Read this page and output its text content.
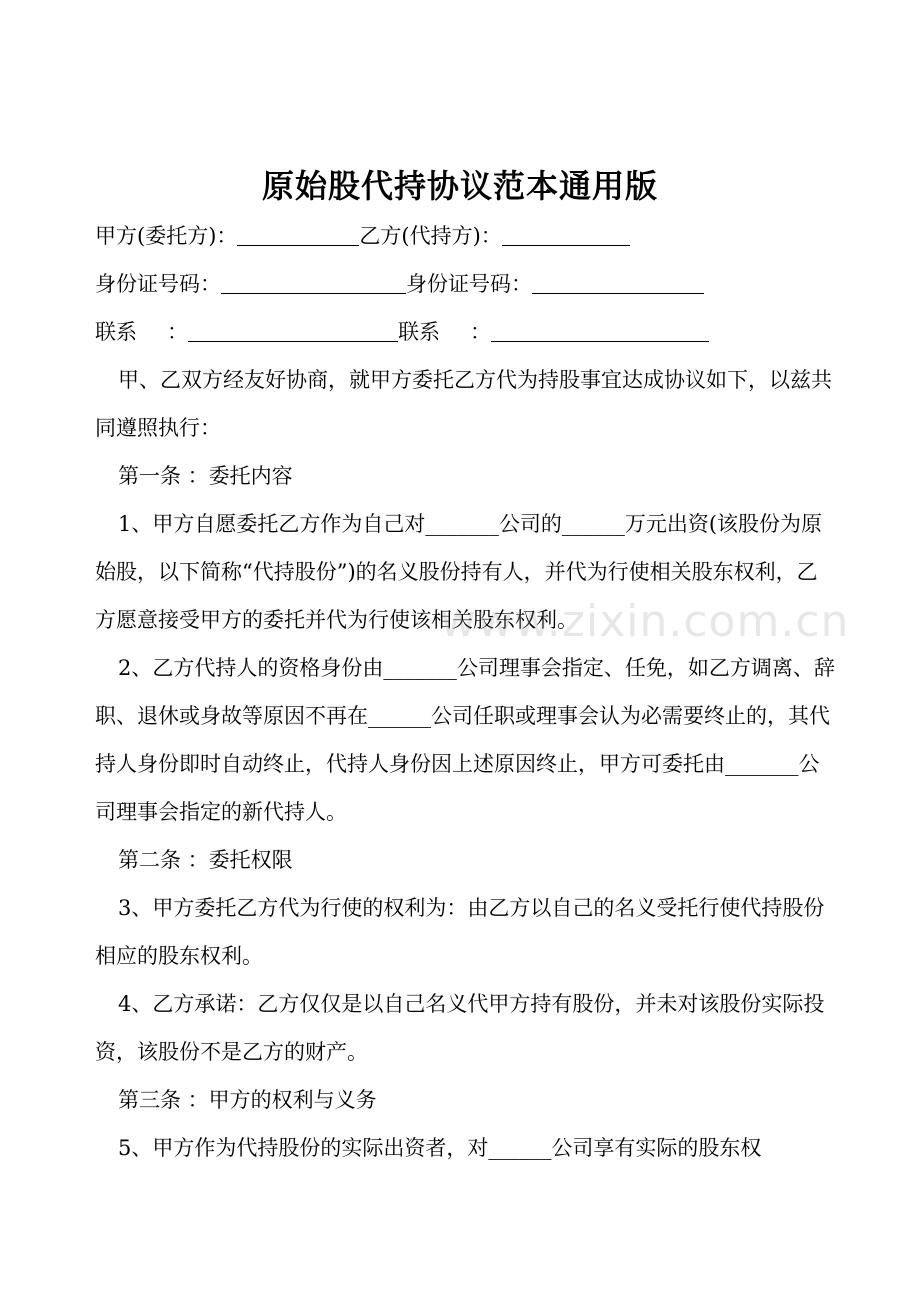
原始股代持协议范本通用版

甲方(委托方)：	乙方(代持方)：

身份证号码：	身份证号码：

联系 ：	联系 ：

甲、乙双方经友好协商，就甲方委托乙方代为持股事宜达成协议如下，以兹共同遵照执行：

第一条 ：委托内容

1、甲方自愿委托乙方作为自己对_______公司的______万元出资(该股份为原始股，以下简称“代持股份”)的名义股份持有人，并代为行使相关股东权利，乙方愿意接受甲方的委托并代为行使该相关股东权利。

2、乙方代持人的资格身份由_______公司理事会指定、任免，如乙方调离、辞职、退休或身故等原因不再在______公司任职或理事会认为必需要终止的，其代持人身份即时自动终止，代持人身份因上述原因终止，甲方可委托由_______公司理事会指定的新代持人。

第二条 ：委托权限

3、甲方委托乙方代为行使的权利为：由乙方以自己的名义受托行使代持股份相应的股东权利。

4、乙方承诺：乙方仅仅是以自己名义代甲方持有股份，并未对该股份实际投资，该股份不是乙方的财产。

第三条 ：甲方的权利与义务

5、甲方作为代持股份的实际出资者，对______公司享有实际的股东权

www.zixin.com.cn
